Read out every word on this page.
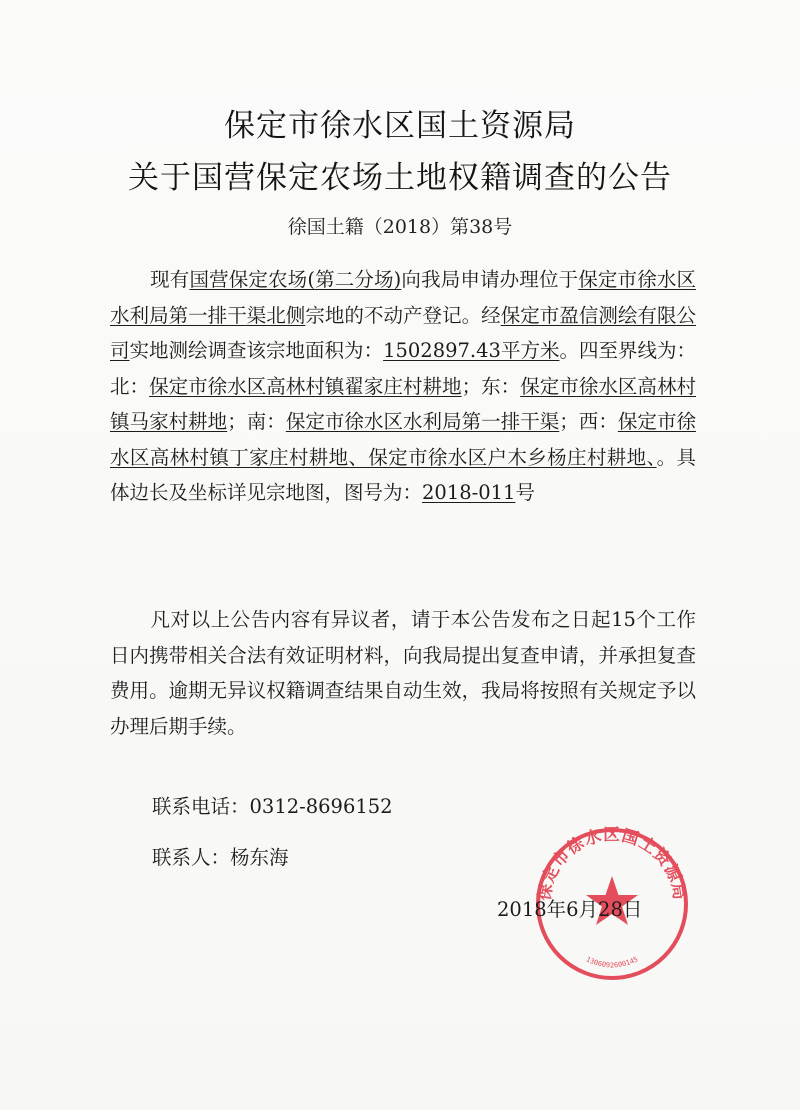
保定市徐水区国土资源局
关于国营保定农场土地权籍调查的公告
徐国土籍（2018）第38号
现有国营保定农场(第二分场)向我局申请办理位于保定市徐水区水利局第一排干渠北侧宗地的不动产登记。经保定市盈信测绘有限公司实地测绘调查该宗地面积为：1502897.43平方米。四至界线为：北：保定市徐水区高林村镇翟家庄村耕地；东：保定市徐水区高林村镇马家村耕地；南：保定市徐水区水利局第一排干渠；西：保定市徐水区高林村镇丁家庄村耕地、保定市徐水区户木乡杨庄村耕地、。具体边长及坐标详见宗地图，图号为：2018-011号
凡对以上公告内容有异议者，请于本公告发布之日起15个工作日内携带相关合法有效证明材料，向我局提出复查申请，并承担复查费用。逾期无异议权籍调查结果自动生效，我局将按照有关规定予以办理后期手续。
联系电话：0312-8696152
联系人：杨东海
保定市徐水区国土资源局
1306092600145
2018年6月28日
